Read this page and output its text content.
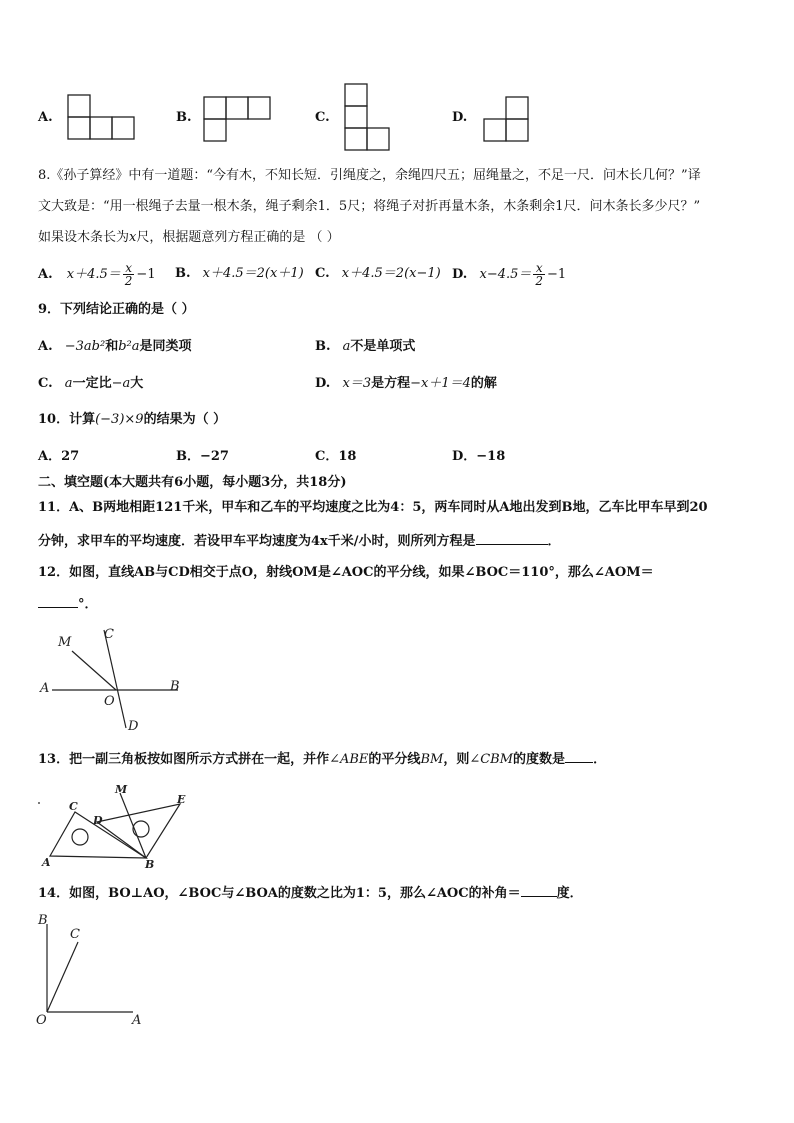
A.	B.	C.	D.
8.《孙子算经》中有一道题：“今有木，不知长短．引绳度之，余绳四尺五；屈绳量之，不足一尺．问木长几何？”译
文大致是：“用一根绳子去量一根木条，绳子剩余1．5尺；将绳子对折再量木条，木条剩余1尺．问木条长多少尺？”
如果设木条长为x尺，根据题意列方程正确的是 （ ）
A. $x+4.5= \frac{x}{2} -1$ B. x＋4.5＝2(x＋1) C. x＋4.5＝2(x−1) D. $x-4.5= \frac{x}{2} -1$
9．下列结论正确的是（ ）
A. −3ab²和b²a是同类项	B. a不是单项式
C. a一定比−a大	D. x＝3是方程−x＋1＝4的解
10．计算(−3)×9的结果为（ ）
A．27	B．−27	C．18	D．−18
二、填空题(本大题共有6小题，每小题3分，共18分)
11．A、B两地相距121千米，甲车和乙车的平均速度之比为4：5，两车同时从A地出发到B地，乙车比甲车早到20
分钟，求甲车的平均速度．若设甲车平均速度为4x千米/小时，则所列方程是	．
12．如图，直线AB与CD相交于点O，射线OM是∠AOC的平分线，如果∠BOC＝110°，那么∠AOM＝
°．
M
C
A	B
O
D
13．把一副三角板按如图所示方式拼在一起，并作∠ABE的平分线BM，则∠CBM的度数是 ．
M
E
C
D
A	B
14．如图，BO⊥AO，∠BOC与∠BOA的度数之比为1：5，那么∠AOC的补角＝	度．
B
C
O	A
